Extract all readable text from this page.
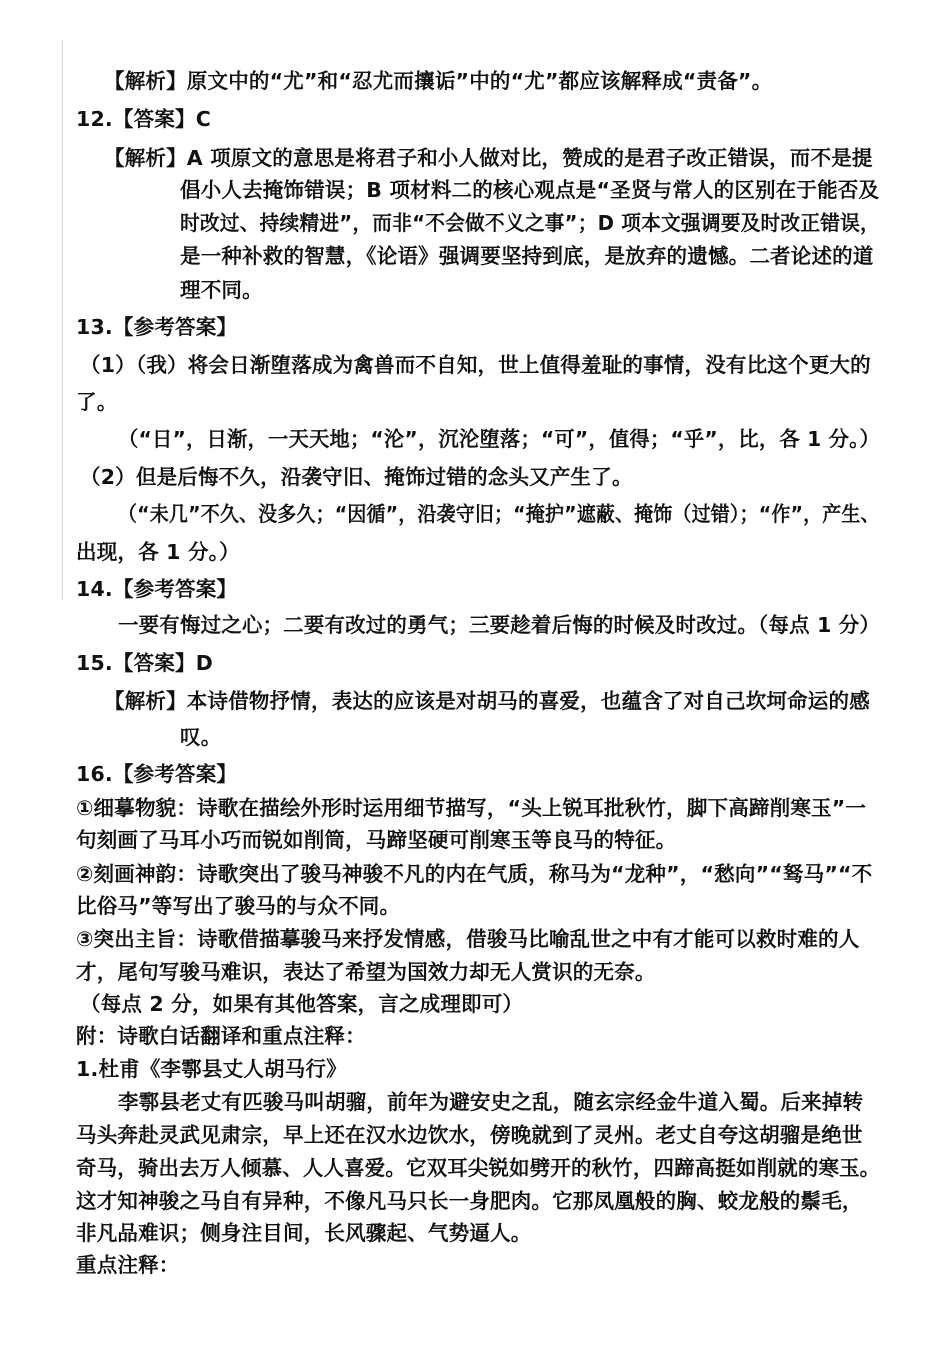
【解析】原文中的“尤”和“忍尤而攘诟”中的“尤”都应该解释成“责备”。
12.【答案】C
【解析】A 项原文的意思是将君子和小人做对比，赞成的是君子改正错误，而不是提
倡小人去掩饰错误；B 项材料二的核心观点是“圣贤与常人的区别在于能否及
时改过、持续精进”，而非“不会做不义之事”；D 项本文强调要及时改正错误，
是一种补救的智慧，《论语》强调要坚持到底，是放弃的遗憾。二者论述的道
理不同。
13.【参考答案】
（1）（我）将会日渐堕落成为禽兽而不自知，世上值得羞耻的事情，没有比这个更大的
了。
（“日”，日渐，一天天地；“沦”，沉沦堕落；“可”，值得；“乎”，比，各 1 分。）
（2）但是后悔不久，沿袭守旧、掩饰过错的念头又产生了。
（“未几”不久、没多久；“因循”，沿袭守旧；“掩护”遮蔽、掩饰（过错）；“作”，产生、
出现，各 1 分。）
14.【参考答案】
一要有悔过之心；二要有改过的勇气；三要趁着后悔的时候及时改过。（每点 1 分）
15.【答案】D
【解析】本诗借物抒情，表达的应该是对胡马的喜爱，也蕴含了对自己坎坷命运的感
叹。
16.【参考答案】
①细摹物貌：诗歌在描绘外形时运用细节描写，“头上锐耳批秋竹，脚下高蹄削寒玉”一
句刻画了马耳小巧而锐如削筒，马蹄坚硬可削寒玉等良马的特征。
②刻画神韵：诗歌突出了骏马神骏不凡的内在气质，称马为“龙种”，“愁向”“驽马”“不
比俗马”等写出了骏马的与众不同。
③突出主旨：诗歌借描摹骏马来抒发情感，借骏马比喻乱世之中有才能可以救时难的人
才，尾句写骏马难识，表达了希望为国效力却无人赏识的无奈。
（每点 2 分，如果有其他答案，言之成理即可）
附：诗歌白话翻译和重点注释：
1.杜甫《李鄠县丈人胡马行》
李鄠县老丈有匹骏马叫胡骝，前年为避安史之乱，随玄宗经金牛道入蜀。后来掉转
马头奔赴灵武见肃宗，早上还在汉水边饮水，傍晚就到了灵州。老丈自夸这胡骝是绝世
奇马，骑出去万人倾慕、人人喜爱。它双耳尖锐如劈开的秋竹，四蹄高挺如削就的寒玉。
这才知神骏之马自有异种，不像凡马只长一身肥肉。它那凤凰般的胸、蛟龙般的鬃毛，
非凡品难识；侧身注目间，长风骤起、气势逼人。
重点注释：
